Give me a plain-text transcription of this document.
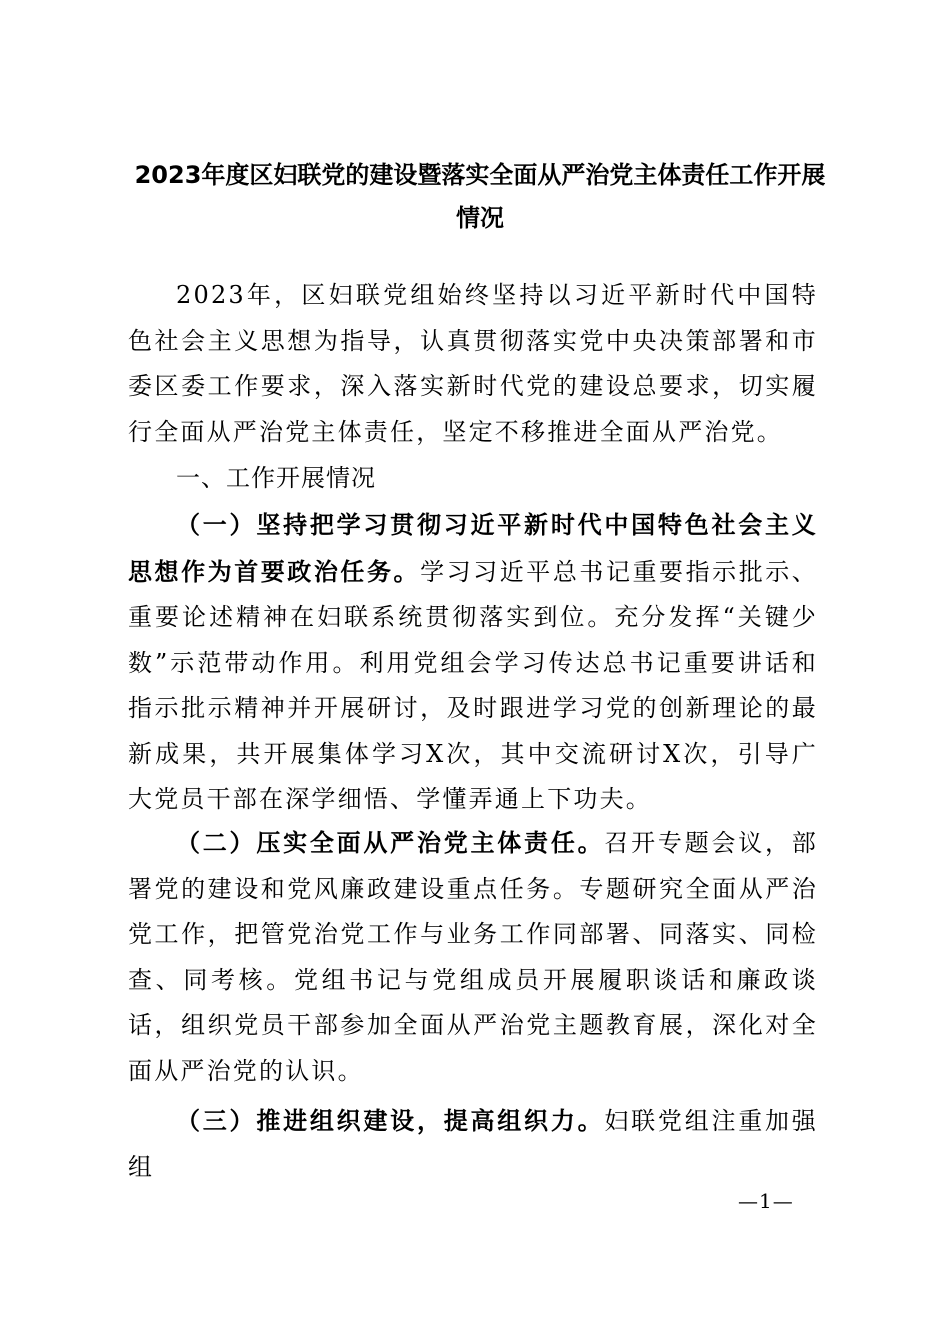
2023年度区妇联党的建设暨落实全面从严治党主体责任工作开展
情况

2023年，区妇联党组始终坚持以习近平新时代中国特色社会主义思想为指导，认真贯彻落实党中央决策部署和市委区委工作要求，深入落实新时代党的建设总要求，切实履行全面从严治党主体责任，坚定不移推进全面从严治党。

一、工作开展情况

（一）坚持把学习贯彻习近平新时代中国特色社会主义思想作为首要政治任务。学习习近平总书记重要指示批示、重要论述精神在妇联系统贯彻落实到位。充分发挥“关键少数”示范带动作用。利用党组会学习传达总书记重要讲话和指示批示精神并开展研讨，及时跟进学习党的创新理论的最新成果，共开展集体学习X次，其中交流研讨X次，引导广大党员干部在深学细悟、学懂弄通上下功夫。

（二）压实全面从严治党主体责任。召开专题会议，部署党的建设和党风廉政建设重点任务。专题研究全面从严治党工作，把管党治党工作与业务工作同部署、同落实、同检查、同考核。党组书记与党组成员开展履职谈话和廉政谈话，组织党员干部参加全面从严治党主题教育展，深化对全面从严治党的认识。

（三）推进组织建设，提高组织力。妇联党组注重加强组

—1—
